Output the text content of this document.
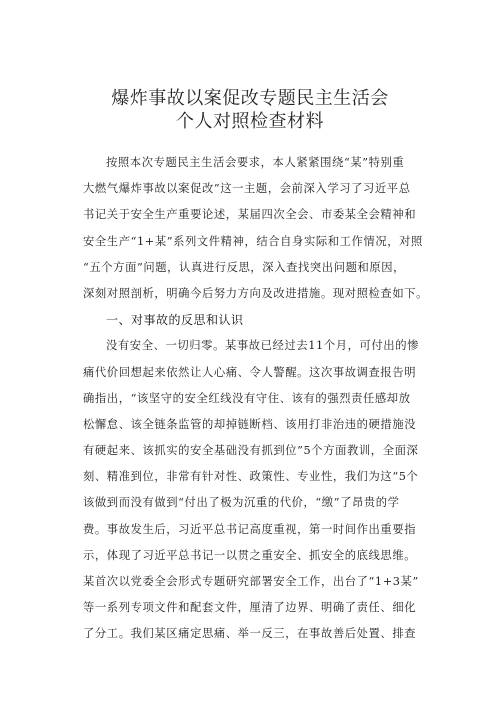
爆炸事故以案促改专题民主生活会
个人对照检查材料
按照本次专题民主生活会要求，本人紧紧围绕“某”特别重
大燃气爆炸事故以案促改”这一主题，会前深入学习了习近平总
书记关于安全生产重要论述，某届四次全会、市委某全会精神和
安全生产“1+某”系列文件精神，结合自身实际和工作情况，对照
“五个方面”问题，认真进行反思，深入查找突出问题和原因，
深刻对照剖析，明确今后努力方向及改进措施。现对照检查如下。
一、对事故的反思和认识
没有安全、一切归零。某事故已经过去11个月，可付出的惨
痛代价回想起来依然让人心痛、令人警醒。这次事故调查报告明
确指出，“该坚守的安全红线没有守住、该有的强烈责任感却放
松懈怠、该全链条监管的却掉链断档、该用打非治违的硬措施没
有硬起来、该抓实的安全基础没有抓到位”5个方面教训，全面深
刻、精准到位，非常有针对性、政策性、专业性，我们为这“5个
该做到而没有做到“付出了极为沉重的代价，“缴”了昂贵的学
费。事故发生后，习近平总书记高度重视，第一时间作出重要指
示，体现了习近平总书记一以贯之重安全、抓安全的底线思维。
某首次以党委全会形式专题研究部署安全工作，出台了“1+3某”
等一系列专项文件和配套文件，厘清了边界、明确了责任、细化
了分工。我们某区痛定思痛、举一反三，在事故善后处置、排查
